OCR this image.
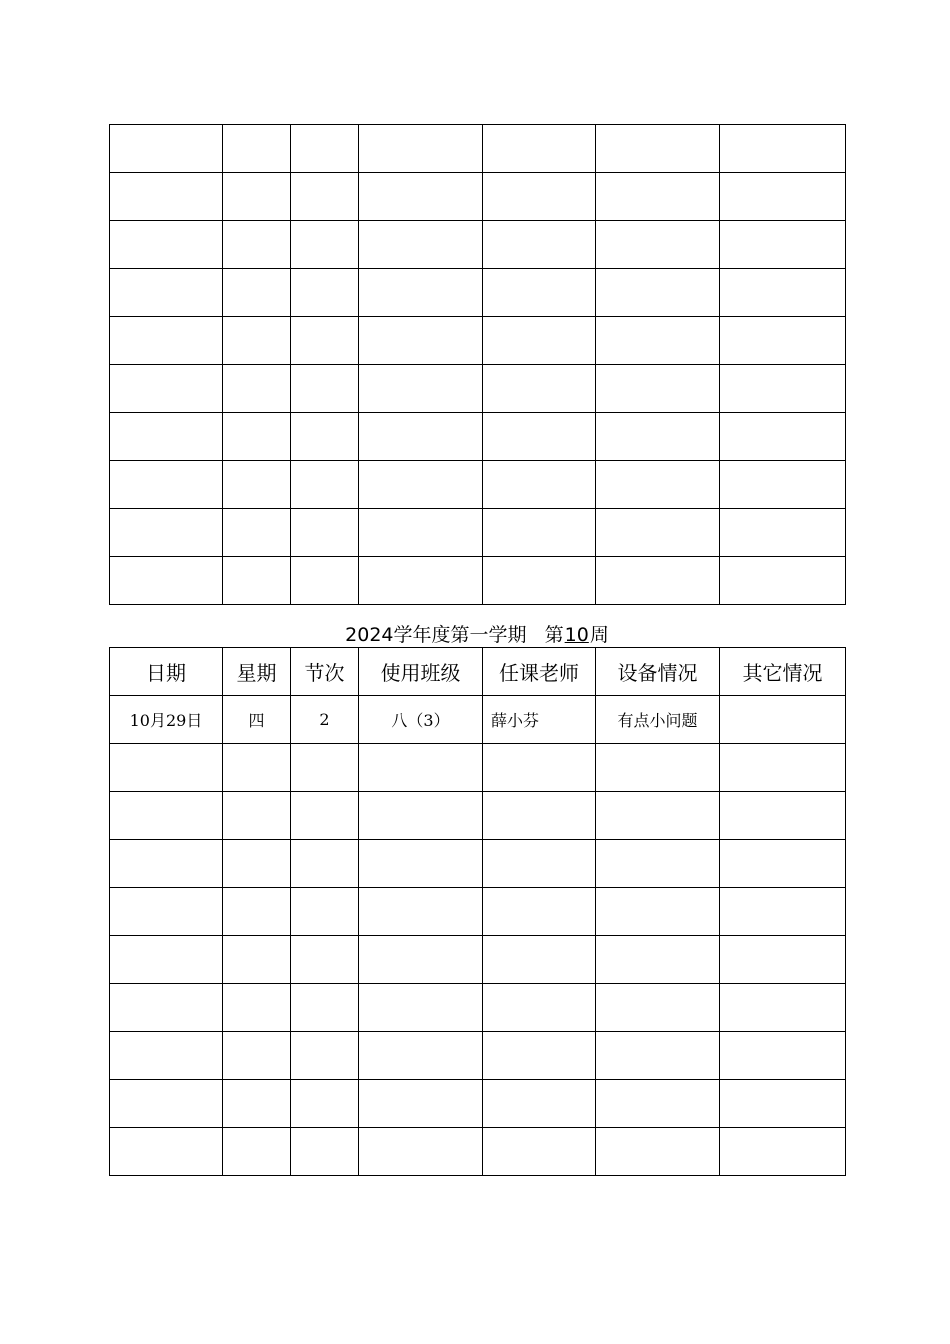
2024学年度第一学期 第10周
日期	星期	节次	使用班级	任课老师	设备情况	其它情况
10月29日	四	2	八（3）	薛小芬	有点小问题	
